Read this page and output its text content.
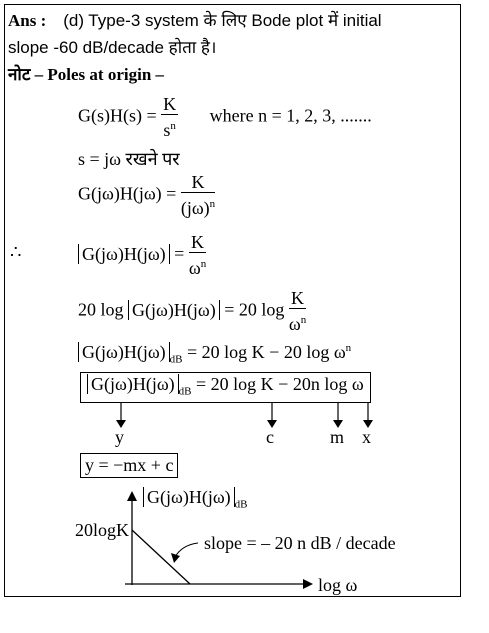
Ans : (d) Type-3 system के लिए Bode plot में initial
slope -60 dB/decade होता है।
नोट – Poles at origin –
$G(s)H(s) = \frac{K}{s^n}$ where n = 1, 2, 3, .......
s = jω रखने पर
$G(j\omega)H(j\omega) = \frac{K}{(j\omega)^n}$
∴	$G(j\omega)H(j\omega) = \frac{K}{\omega^n}$
20 log G(jω)H(jω) = 20 $\log \frac{K}{\omega^n}$
G(jω)H(jω) $_{dB}$ = 20 log K − 20 $\log \omega^n$
G(jω)H(jω) $_{dB}$ = 20 log K − 20n log ω
y	c	m x
y = −mx + c
G(jω)H(jω) $_{dB}$
20logK
slope = – 20 n dB / decade
log ω
